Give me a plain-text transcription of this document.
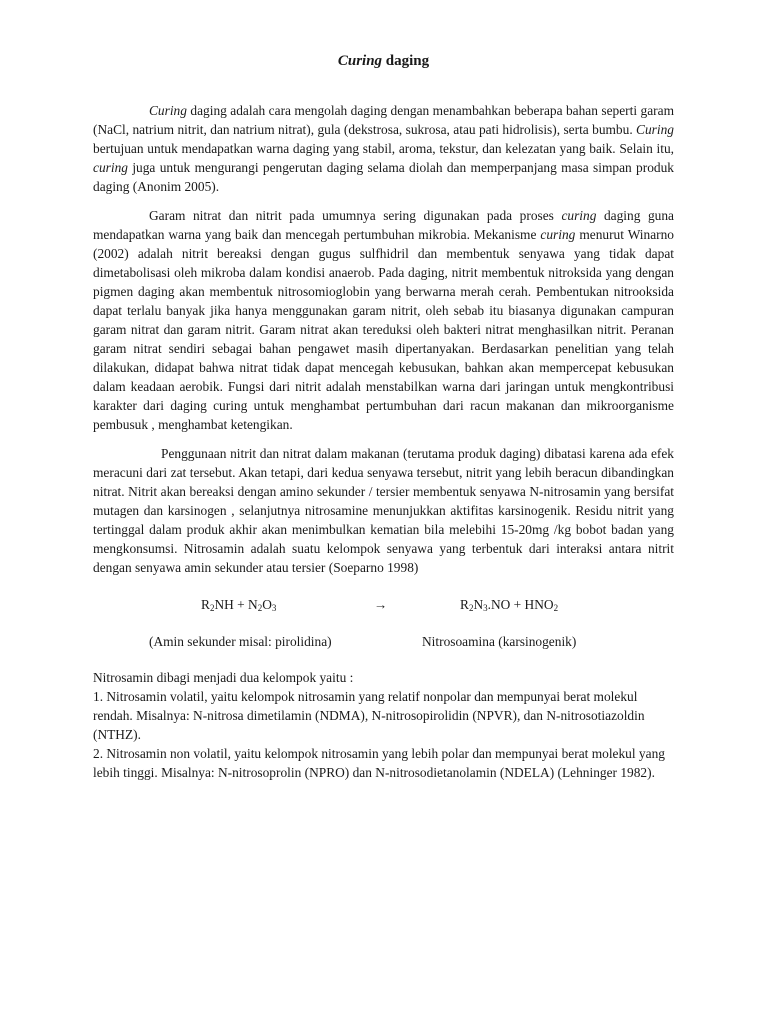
Curing daging

Curing daging adalah cara mengolah daging dengan menambahkan beberapa bahan seperti garam (NaCl, natrium nitrit, dan natrium nitrat), gula (dekstrosa, sukrosa, atau pati hidrolisis), serta bumbu. Curing bertujuan untuk mendapatkan warna daging yang stabil, aroma, tekstur, dan kelezatan yang baik. Selain itu, curing juga untuk mengurangi pengerutan daging selama diolah dan memperpanjang masa simpan produk daging (Anonim 2005).

Garam nitrat dan nitrit pada umumnya sering digunakan pada proses curing daging guna mendapatkan warna yang baik dan mencegah pertumbuhan mikrobia. Mekanisme curing menurut Winarno (2002) adalah nitrit bereaksi dengan gugus sulfhidril dan membentuk senyawa yang tidak dapat dimetabolisasi oleh mikroba dalam kondisi anaerob. Pada daging, nitrit membentuk nitroksida yang dengan pigmen daging akan membentuk nitrosomioglobin yang berwarna merah cerah. Pembentukan nitrooksida dapat terlalu banyak jika hanya menggunakan garam nitrit, oleh sebab itu biasanya digunakan campuran garam nitrat dan garam nitrit. Garam nitrat akan tereduksi oleh bakteri nitrat menghasilkan nitrit. Peranan garam nitrat sendiri sebagai bahan pengawet masih dipertanyakan. Berdasarkan penelitian yang telah dilakukan, didapat bahwa nitrat tidak dapat mencegah kebusukan, bahkan akan mempercepat kebusukan dalam keadaan aerobik. Fungsi dari nitrit adalah menstabilkan warna dari jaringan untuk mengkontribusi karakter dari daging curing untuk menghambat pertumbuhan dari racun makanan dan mikroorganisme pembusuk , menghambat ketengikan.

Penggunaan nitrit dan nitrat dalam makanan (terutama produk daging) dibatasi karena ada efek meracuni dari zat tersebut. Akan tetapi, dari kedua senyawa tersebut, nitrit yang lebih beracun dibandingkan nitrat. Nitrit akan bereaksi dengan amino sekunder / tersier membentuk senyawa N-nitrosamin yang bersifat mutagen dan karsinogen , selanjutnya nitrosamine menunjukkan aktifitas karsinogenik. Residu nitrit yang tertinggal dalam produk akhir akan menimbulkan kematian bila melebihi 15-20mg /kg bobot badan yang mengkonsumsi. Nitrosamin adalah suatu kelompok senyawa yang terbentuk dari interaksi antara nitrit dengan senyawa amin sekunder atau tersier (Soeparno 1998)

$R_2NH + N_2O_3$	→	$R_2N_3.NO + HNO_2$
(Amin sekunder misal: pirolidina)	Nitrosoamina (karsinogenik)
Nitrosamin dibagi menjadi dua kelompok yaitu :
1. Nitrosamin volatil, yaitu kelompok nitrosamin yang relatif nonpolar dan mempunyai berat molekul rendah. Misalnya: N-nitrosa dimetilamin (NDMA), N-nitrosopirolidin (NPVR), dan N-nitrosotiazoldin (NTHZ).
2. Nitrosamin non volatil, yaitu kelompok nitrosamin yang lebih polar dan mempunyai berat molekul yang lebih tinggi. Misalnya: N-nitrosoprolin (NPRO) dan N-nitrosodietanolamin (NDELA) (Lehninger 1982).
